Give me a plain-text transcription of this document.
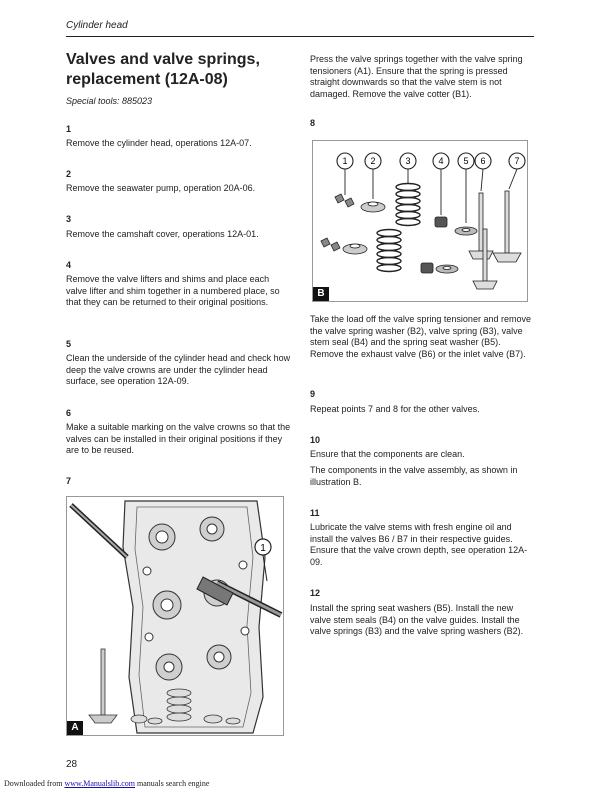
Cylinder head
Valves and valve springs, replacement (12A-08)
Special tools: 885023
1
Remove the cylinder head, operations 12A-07.
2
Remove the seawater pump, operation 20A-06.
3
Remove the camshaft cover, operations 12A-01.
4
Remove the valve lifters and shims and place each valve lifter and shim together in a numbered place, so that they can be returned to their original positions.
5
Clean the underside of the cylinder head and check how deep the valve crowns are under the cylinder head surface, see operation 12A-09.
6
Make a suitable marking on the valve crowns so that the valves can be installed in their original positions if they are to be reused.
7
1
A
Press the valve springs together with the valve spring tensioners (A1). Ensure that the spring is pressed straight downwards so that the valve stem is not damaged. Remove the valve cotter (B1).
8
1	2	3	4 5 6	7
B
Take the load off the valve spring tensioner and remove the valve spring washer (B2), valve spring (B3), valve stem seal (B4) and the spring seat washer (B5). Remove the exhaust valve (B6) or the inlet valve (B7).
9
Repeat points 7 and 8 for the other valves.
10
Ensure that the components are clean.
The components in the valve assembly, as shown in illustration B.
11
Lubricate the valve stems with fresh engine oil and install the valves B6 / B7 in their respective guides. Ensure that the valve crown depth, see operation 12A-09.
12
Install the spring seat washers (B5). Install the new valve stem seals (B4) on the valve guides. Install the valve springs (B3) and the valve spring washers (B2).
28
Downloaded from www.Manualslib.com manuals search engine
